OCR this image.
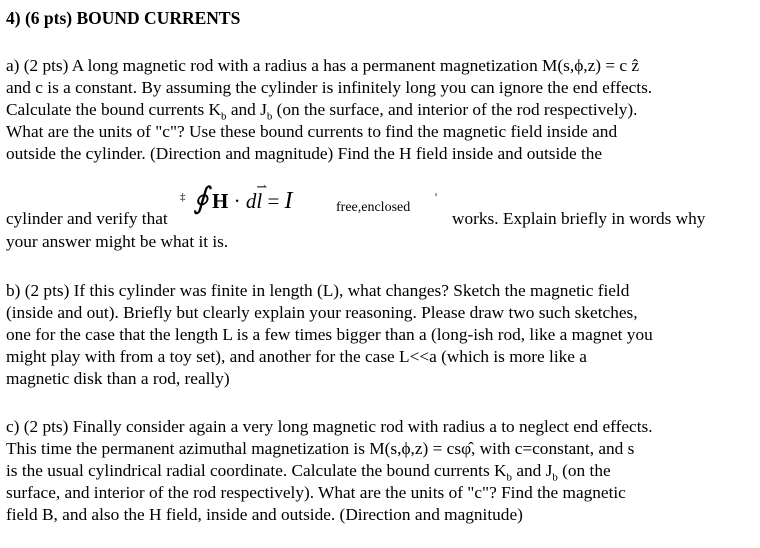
4) (6 pts) BOUND CURRENTS
a) (2 pts) A long magnetic rod with a radius a has a permanent magnetization M(s,ϕ,z) = c ẑ
and c is a constant. By assuming the cylinder is infinitely long you can ignore the end effects.
Calculate the bound currents $K_b$ and $J_b$ (on the surface, and interior of the rod respectively).
What are the units of "c"? Use these bound currents to find the magnetic field inside and
outside the cylinder. (Direction and magnitude) Find the H field inside and outside the
cylinder and verify that
‡ ∮ H · dl
⇀
= I	free,enclosed
'
works. Explain briefly in words why
your answer might be what it is.
b) (2 pts) If this cylinder was finite in length (L), what changes? Sketch the magnetic field
(inside and out). Briefly but clearly explain your reasoning. Please draw two such sketches,
one for the case that the length L is a few times bigger than a (long-ish rod, like a magnet you
might play with from a toy set), and another for the case L<<a (which is more like a
magnetic disk than a rod, really)
c) (2 pts) Finally consider again a very long magnetic rod with radius a to neglect end effects.
This time the permanent azimuthal magnetization is M(s,ϕ,z) = csφ̂, with c=constant, and s
is the usual cylindrical radial coordinate. Calculate the bound currents $K_b$ and $J_b$ (on the
surface, and interior of the rod respectively). What are the units of "c"? Find the magnetic
field B, and also the H field, inside and outside. (Direction and magnitude)
